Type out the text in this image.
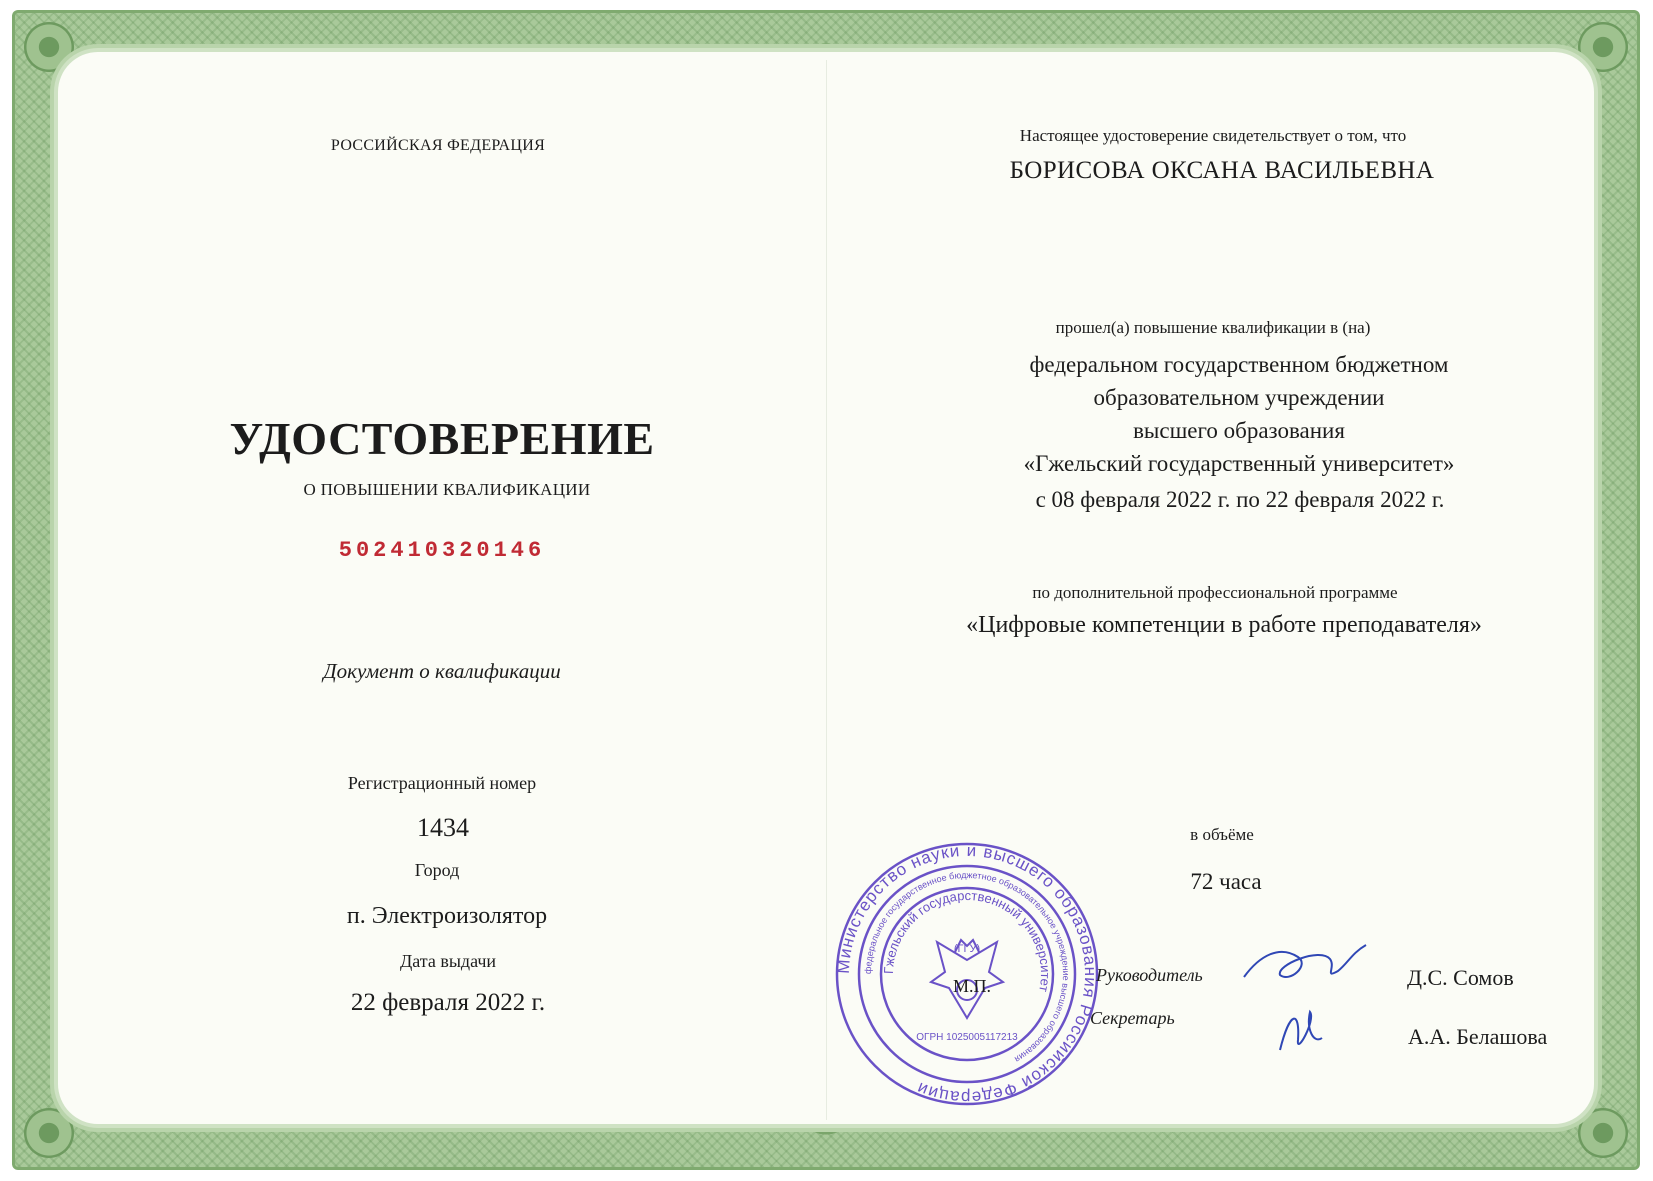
РОССИЙСКАЯ ФЕДЕРАЦИЯ
УДОСТОВЕРЕНИЕ
О ПОВЫШЕНИИ КВАЛИФИКАЦИИ
502410320146
Документ о квалификации
Регистрационный номер
1434
Город
п. Электроизолятор
Дата выдачи
22 февраля 2022 г.
Настоящее удостоверение свидетельствует о том, что
БОРИСОВА ОКСАНА ВАСИЛЬЕВНА
прошел(а) повышение квалификации в (на)
федеральном государственном бюджетном
образовательном учреждении
высшего образования
«Гжельский государственный университет»
с 08 февраля 2022 г. по 22 февраля 2022 г.
по дополнительной профессиональной программе
«Цифровые компетенции в работе преподавателя»
в объёме
72 часа
Министерство науки и высшего образования Российской Федерации
федеральное государственное бюджетное образовательное учреждение высшего образования
Гжельский государственный университет
(ГГУ)
ОГРН 1025005117213
М.П.
Руководитель
Секретарь
Д.С. Сомов
А.А. Белашова
